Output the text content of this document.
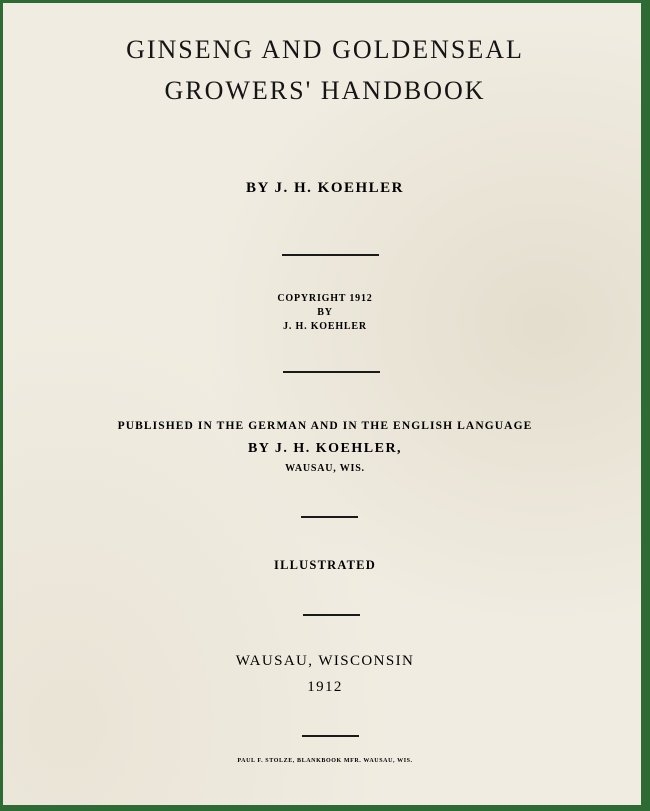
GINSENG AND GOLDENSEAL
GROWERS' HANDBOOK
BY J. H. KOEHLER
COPYRIGHT 1912
BY
J. H. KOEHLER
PUBLISHED IN THE GERMAN AND IN THE ENGLISH LANGUAGE
BY J. H. KOEHLER,
WAUSAU, WIS.
ILLUSTRATED
WAUSAU, WISCONSIN
1912
PAUL F. STOLZE, BLANKBOOK MFR. WAUSAU, WIS.
